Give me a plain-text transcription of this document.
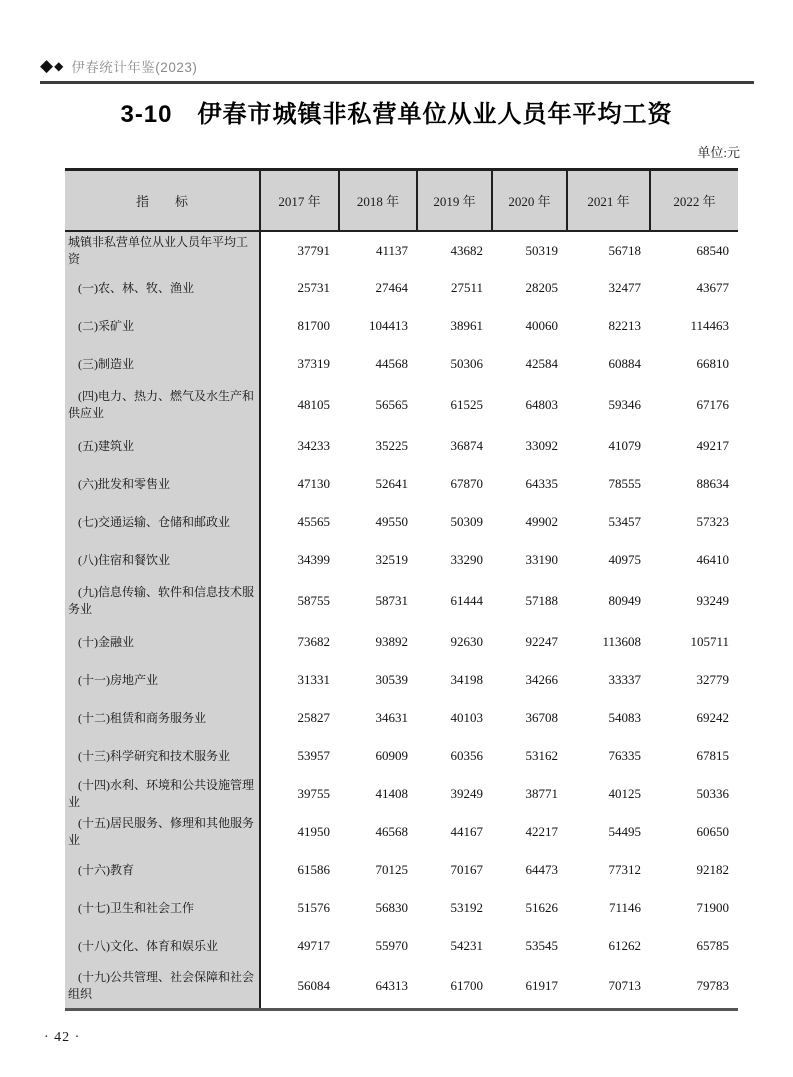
◆ ◆ 伊春统计年鉴(2023)
3-10　伊春市城镇非私营单位从业人员年平均工资
单位:元
指　　标	2017 年	2018 年	2019 年	2020 年	2021 年	2022 年

城镇非私营单位从业人员年平均工资	37791	41137	43682	50319	56718	68540

(一)农、林、牧、渔业	25731	27464	27511	28205	32477	43677

(二)采矿业	81700	104413	38961	40060	82213	114463

(三)制造业	37319	44568	50306	42584	60884	66810

(四)电力、热力、燃气及水生产和供应业	48105	56565	61525	64803	59346	67176

(五)建筑业	34233	35225	36874	33092	41079	49217

(六)批发和零售业	47130	52641	67870	64335	78555	88634

(七)交通运输、仓储和邮政业	45565	49550	50309	49902	53457	57323

(八)住宿和餐饮业	34399	32519	33290	33190	40975	46410

(九)信息传输、软件和信息技术服务业	58755	58731	61444	57188	80949	93249

(十)金融业	73682	93892	92630	92247	113608	105711

(十一)房地产业	31331	30539	34198	34266	33337	32779

(十二)租赁和商务服务业	25827	34631	40103	36708	54083	69242

(十三)科学研究和技术服务业	53957	60909	60356	53162	76335	67815

(十四)水利、环境和公共设施管理业	39755	41408	39249	38771	40125	50336

(十五)居民服务、修理和其他服务业	41950	46568	44167	42217	54495	60650

(十六)教育	61586	70125	70167	64473	77312	92182

(十七)卫生和社会工作	51576	56830	53192	51626	71146	71900

(十八)文化、体育和娱乐业	49717	55970	54231	53545	61262	65785

(十九)公共管理、社会保障和社会组织	56084	64313	61700	61917	70713	79783
· 42 ·
